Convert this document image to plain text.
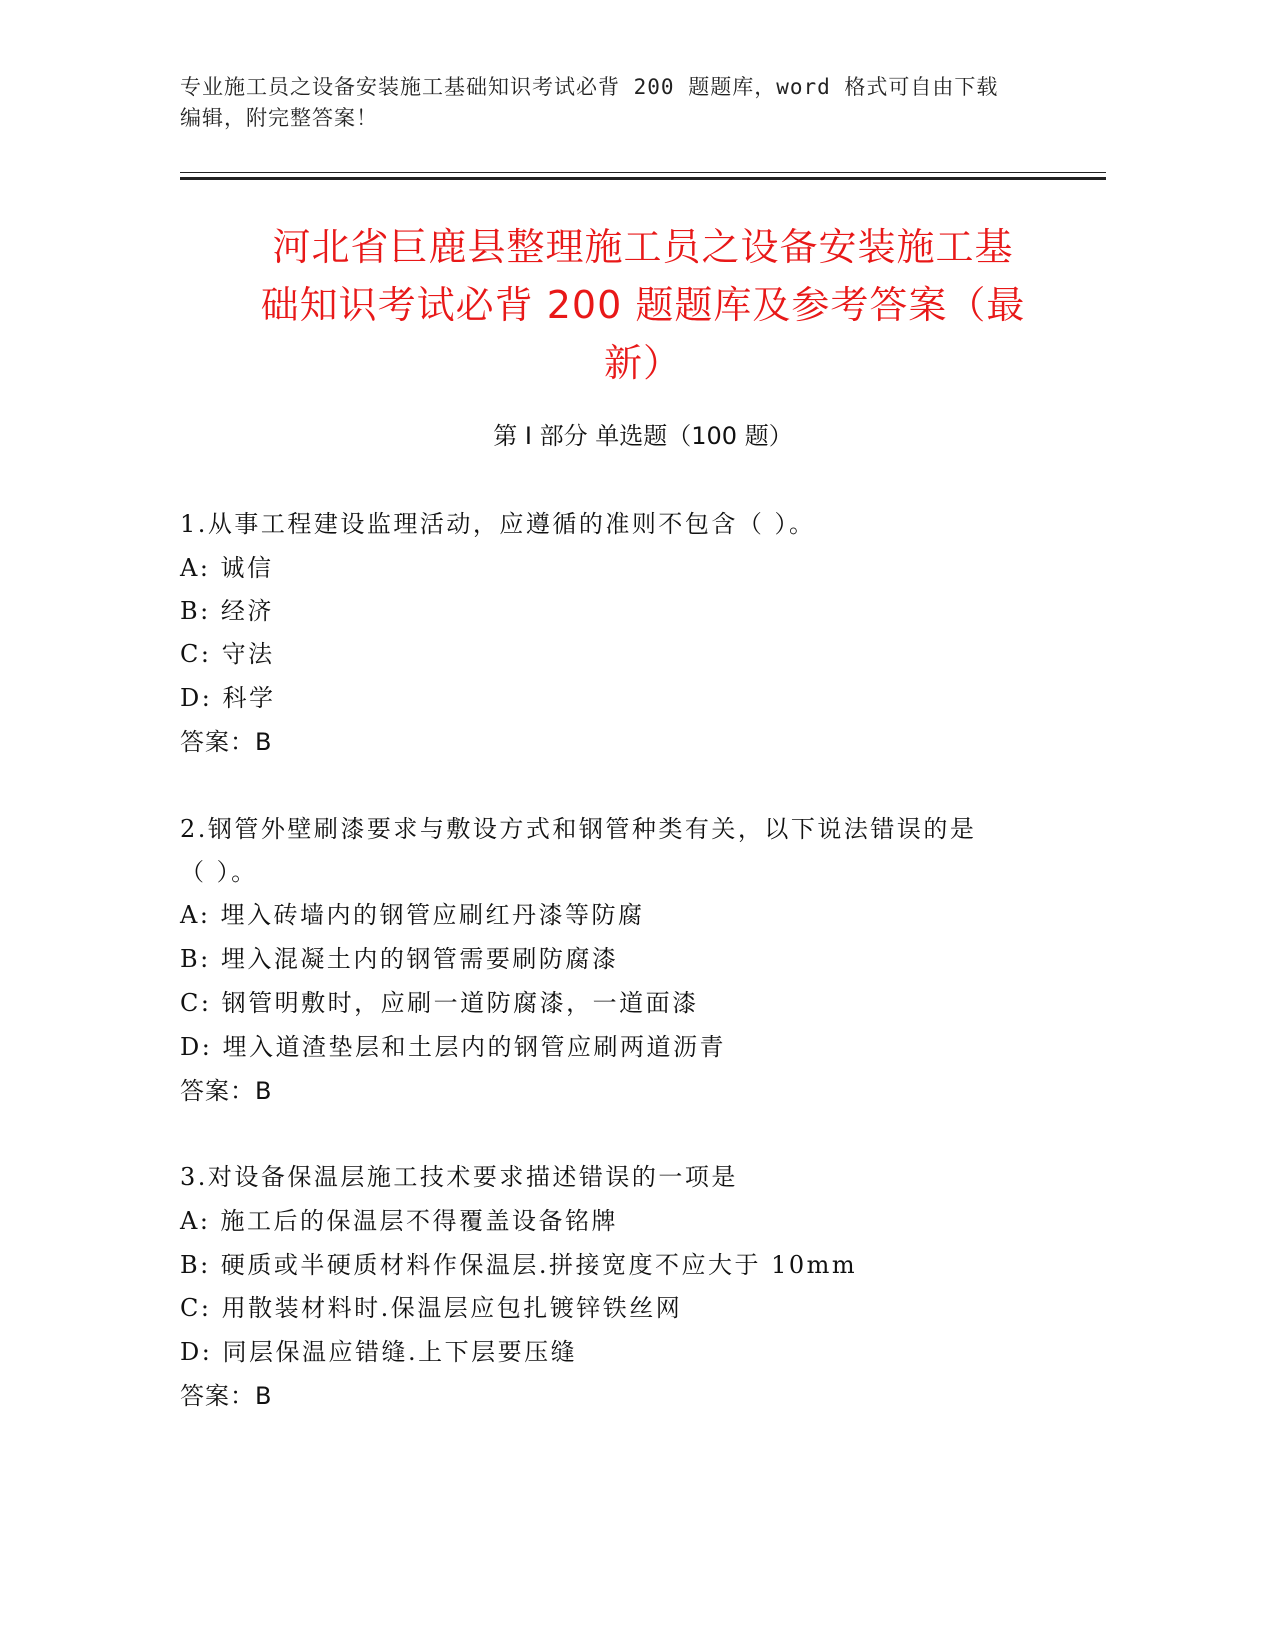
专业施工员之设备安装施工基础知识考试必背 200 题题库，word 格式可自由下载
编辑，附完整答案！
河北省巨鹿县整理施工员之设备安装施工基
础知识考试必背 200 题题库及参考答案（最
新）
第 I 部分 单选题（100 题）
1.从事工程建设监理活动，应遵循的准则不包含（ ）。
A: 诚信
B: 经济
C: 守法
D: 科学
答案：B
2.钢管外壁刷漆要求与敷设方式和钢管种类有关，以下说法错误的是
（ ）。
A: 埋入砖墙内的钢管应刷红丹漆等防腐
B: 埋入混凝土内的钢管需要刷防腐漆
C: 钢管明敷时，应刷一道防腐漆，一道面漆
D: 埋入道渣垫层和土层内的钢管应刷两道沥青
答案：B
3.对设备保温层施工技术要求描述错误的一项是
A: 施工后的保温层不得覆盖设备铭牌
B: 硬质或半硬质材料作保温层.拼接宽度不应大于 10mm
C: 用散装材料时.保温层应包扎镀锌铁丝网
D: 同层保温应错缝.上下层要压缝
答案：B
